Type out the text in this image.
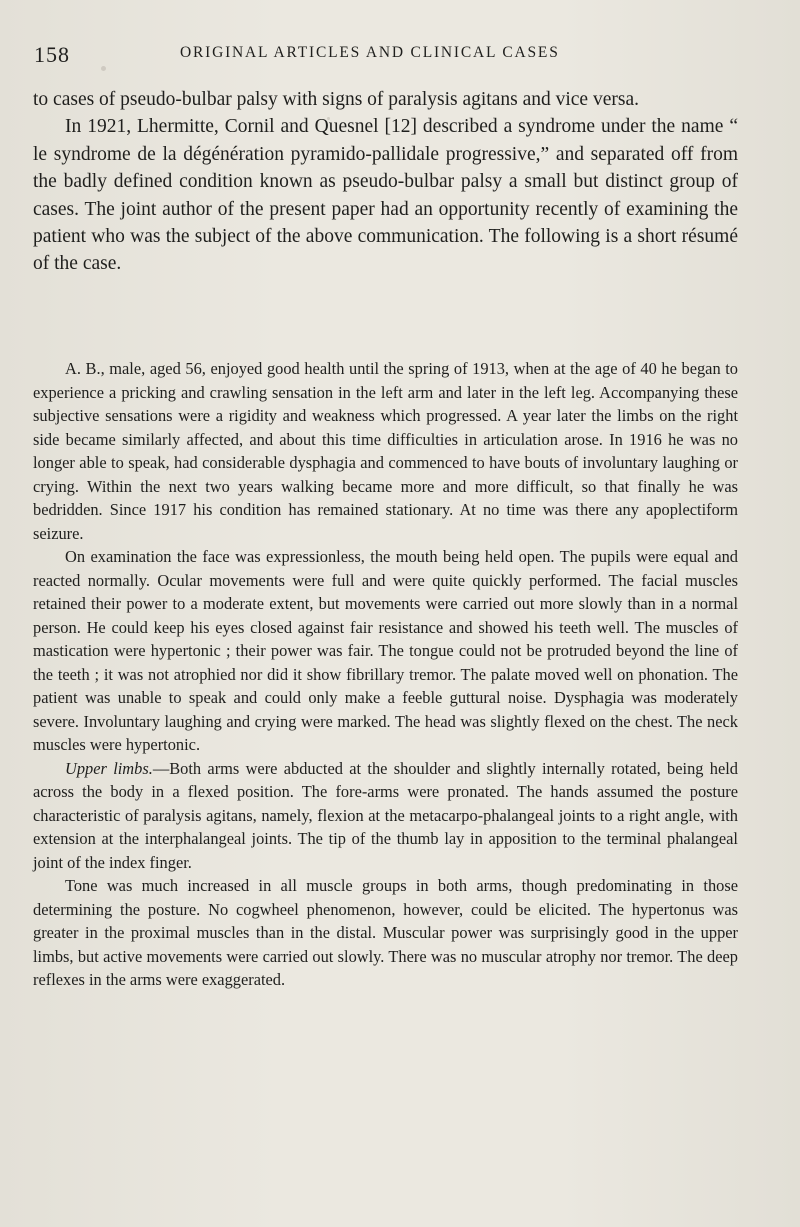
158	ORIGINAL ARTICLES AND CLINICAL CASES

to cases of pseudo-bulbar palsy with signs of paralysis agitans and vice versa.

In 1921, Lhermitte, Cornil and Quesnel [12] described a syndrome under the name “ le syndrome de la dégénération pyramido-pallidale progressive,” and separated off from the badly defined condition known as pseudo-bulbar palsy a small but distinct group of cases. The joint author of the present paper had an opportunity recently of examining the patient who was the subject of the above communication. The following is a short résumé of the case.

A. B., male, aged 56, enjoyed good health until the spring of 1913, when at the age of 40 he began to experience a pricking and crawling sensation in the left arm and later in the left leg. Accompanying these subjective sensations were a rigidity and weakness which progressed. A year later the limbs on the right side became similarly affected, and about this time difficulties in articulation arose. In 1916 he was no longer able to speak, had considerable dysphagia and commenced to have bouts of involuntary laughing or crying. Within the next two years walking became more and more difficult, so that finally he was bedridden. Since 1917 his condition has remained stationary. At no time was there any apoplectiform seizure.

On examination the face was expressionless, the mouth being held open. The pupils were equal and reacted normally. Ocular movements were full and were quite quickly performed. The facial muscles retained their power to a moderate extent, but movements were carried out more slowly than in a normal person. He could keep his eyes closed against fair resistance and showed his teeth well. The muscles of mastication were hypertonic ; their power was fair. The tongue could not be protruded beyond the line of the teeth ; it was not atrophied nor did it show fibrillary tremor. The palate moved well on phonation. The patient was unable to speak and could only make a feeble guttural noise. Dysphagia was moderately severe. Involuntary laughing and crying were marked. The head was slightly flexed on the chest. The neck muscles were hypertonic.

Upper limbs.—Both arms were abducted at the shoulder and slightly internally rotated, being held across the body in a flexed position. The fore-arms were pronated. The hands assumed the posture characteristic of paralysis agitans, namely, flexion at the metacarpo-phalangeal joints to a right angle, with extension at the interphalangeal joints. The tip of the thumb lay in apposition to the terminal phalangeal joint of the index finger.

Tone was much increased in all muscle groups in both arms, though predominating in those determining the posture. No cogwheel phenomenon, however, could be elicited. The hypertonus was greater in the proximal muscles than in the distal. Muscular power was surprisingly good in the upper limbs, but active movements were carried out slowly. There was no muscular atrophy nor tremor. The deep reflexes in the arms were exaggerated.
